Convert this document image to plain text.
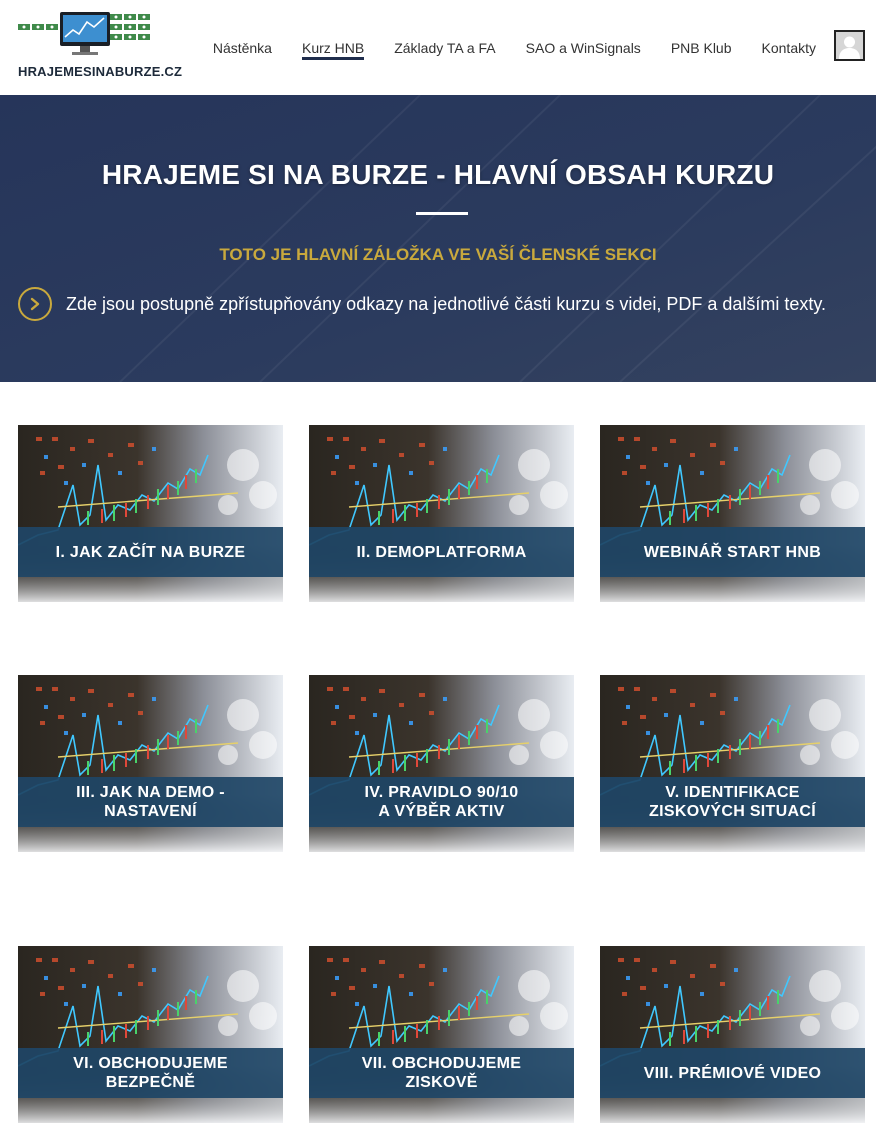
HRAJEMESINABURZE.CZ
Nástěnka Kurz HNB Základy TA a FA SAO a WinSignals PNB Klub Kontakty
HRAJEME SI NA BURZE - HLAVNÍ OBSAH KURZU
TOTO JE HLAVNÍ ZÁLOŽKA VE VAŠÍ ČLENSKÉ SEKCI
Zde jsou postupně zpřístupňovány odkazy na jednotlivé části kurzu s videi, PDF a dalšími texty.
I. JAK ZAČÍT NA BURZE	II. DEMOPLATFORMA	WEBINÁŘ START HNB
III. JAK NA DEMO -
NASTAVENÍ
IV. PRAVIDLO 90/10
A VÝBĚR AKTIV
V. IDENTIFIKACE
ZISKOVÝCH SITUACÍ
VI. OBCHODUJEME
BEZPEČNĚ
VII. OBCHODUJEME
ZISKOVĚ
VIII. PRÉMIOVÉ VIDEO
